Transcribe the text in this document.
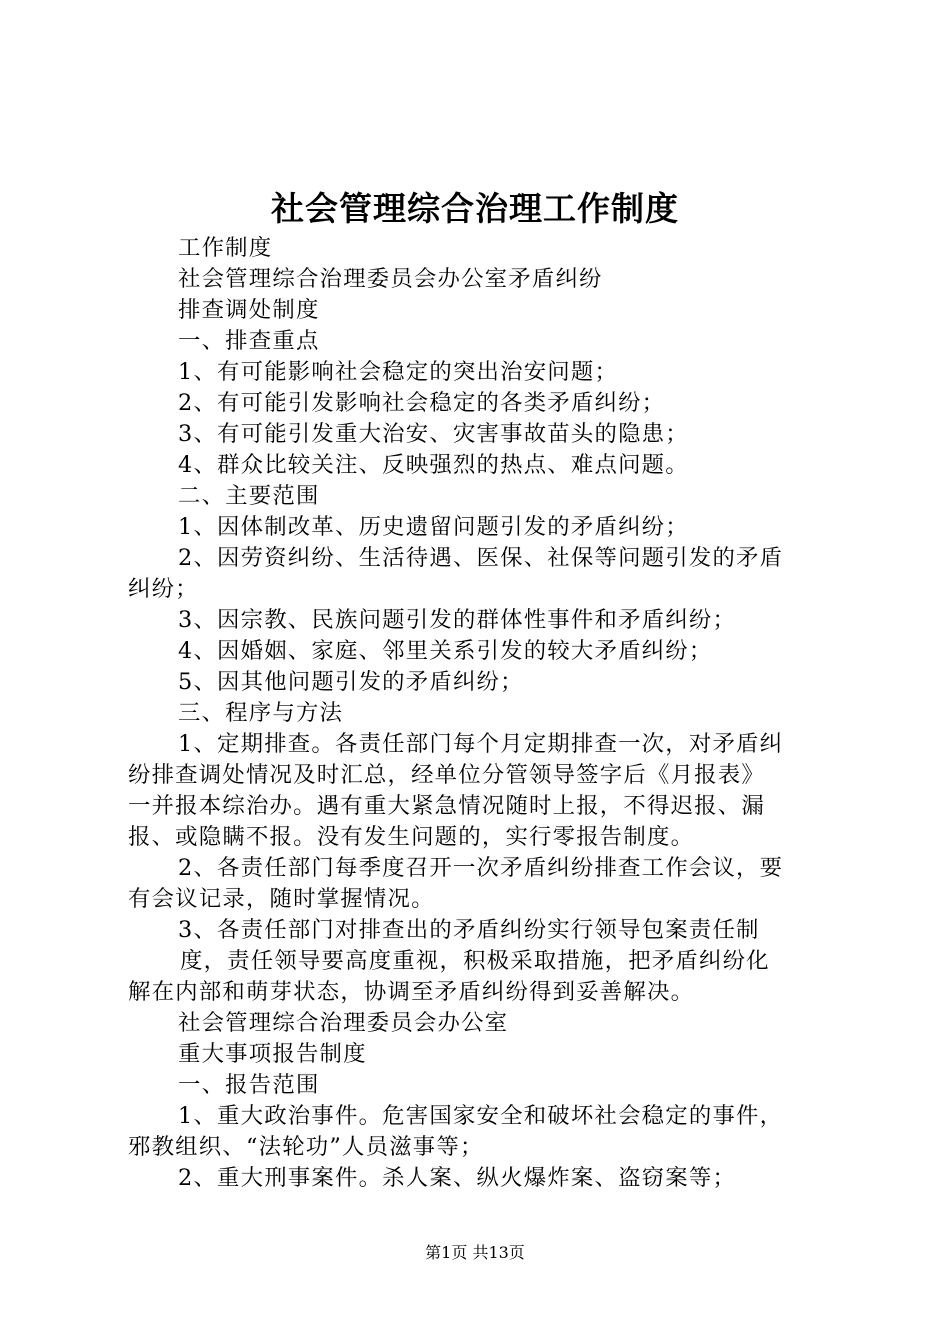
社会管理综合治理工作制度

工作制度

社会管理综合治理委员会办公室矛盾纠纷

排查调处制度

一、排查重点

1、有可能影响社会稳定的突出治安问题；

2、有可能引发影响社会稳定的各类矛盾纠纷；

3、有可能引发重大治安、灾害事故苗头的隐患；

4、群众比较关注、反映强烈的热点、难点问题。

二、主要范围

1、因体制改革、历史遗留问题引发的矛盾纠纷；

2、因劳资纠纷、生活待遇、医保、社保等问题引发的矛盾

纠纷；

3、因宗教、民族问题引发的群体性事件和矛盾纠纷；

4、因婚姻、家庭、邻里关系引发的较大矛盾纠纷；

5、因其他问题引发的矛盾纠纷；

三、程序与方法

1、定期排查。各责任部门每个月定期排查一次，对矛盾纠

纷排查调处情况及时汇总，经单位分管领导签字后《月报表》

一并报本综治办。遇有重大紧急情况随时上报，不得迟报、漏

报、或隐瞒不报。没有发生问题的，实行零报告制度。

2、各责任部门每季度召开一次矛盾纠纷排查工作会议，要

有会议记录，随时掌握情况。

3、各责任部门对排查出的矛盾纠纷实行领导包案责任制

度，责任领导要高度重视，积极采取措施，把矛盾纠纷化

解在内部和萌芽状态，协调至矛盾纠纷得到妥善解决。

社会管理综合治理委员会办公室

重大事项报告制度

一、报告范围

1、重大政治事件。危害国家安全和破坏社会稳定的事件，

邪教组织、“法轮功”人员滋事等；

2、重大刑事案件。杀人案、纵火爆炸案、盗窃案等；

第1页 共13页
